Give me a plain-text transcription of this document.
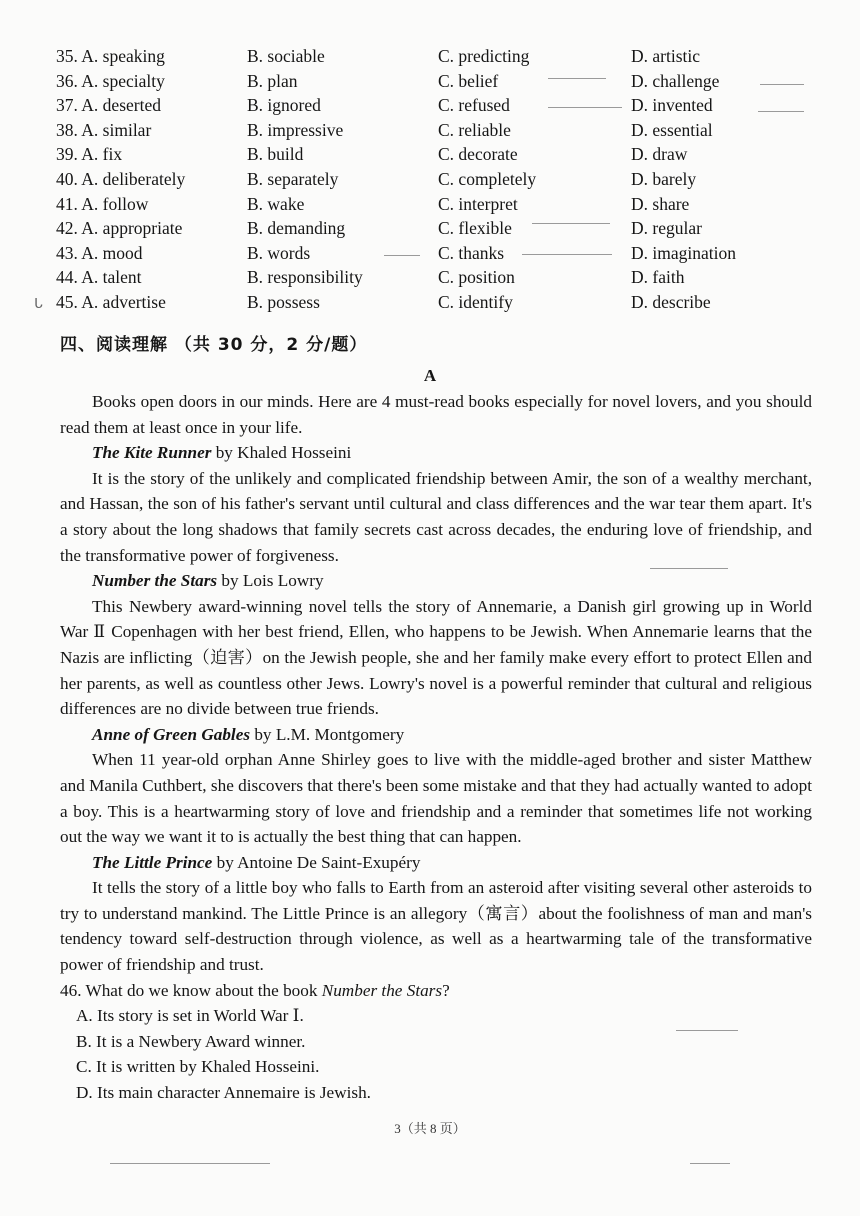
35. A. speaking	B. sociable	C. predicting	D. artistic
36. A. specialty	B. plan	C. belief	D. challenge
37. A. deserted	B. ignored	C. refused	D. invented
38. A. similar	B. impressive	C. reliable	D. essential
39. A. fix	B. build	C. decorate	D. draw
40. A. deliberately	B. separately	C. completely	D. barely
41. A. follow	B. wake	C. interpret	D. share
42. A. appropriate	B. demanding	C. flexible	D. regular
43. A. mood	B. words	C. thanks	D. imagination
44. A. talent	B. responsibility	C. position	D. faith
45. A. advertise	B. possess	C. identify	D. describe
ᒐ
四、阅读理解 （共 30 分，2 分/题）
A

Books open doors in our minds. Here are 4 must-read books especially for novel lovers, and you should read them at least once in your life.

The Kite Runner by Khaled Hosseini

It is the story of the unlikely and complicated friendship between Amir, the son of a wealthy merchant, and Hassan, the son of his father's servant until cultural and class differences and the war tear them apart. It's a story about the long shadows that family secrets cast across decades, the enduring love of friendship, and the transformative power of forgiveness.

Number the Stars by Lois Lowry

This Newbery award-winning novel tells the story of Annemarie, a Danish girl growing up in World War Ⅱ Copenhagen with her best friend, Ellen, who happens to be Jewish. When Annemarie learns that the Nazis are inflicting（迫害）on the Jewish people, she and her family make every effort to protect Ellen and her parents, as well as countless other Jews. Lowry's novel is a powerful reminder that cultural and religious differences are no divide between true friends.

Anne of Green Gables by L.M. Montgomery

When 11 year-old orphan Anne Shirley goes to live with the middle-aged brother and sister Matthew and Manila Cuthbert, she discovers that there's been some mistake and that they had actually wanted to adopt a boy. This is a heartwarming story of love and friendship and a reminder that sometimes life not working out the way we want it to is actually the best thing that can happen.

The Little Prince by Antoine De Saint-Exupéry

It tells the story of a little boy who falls to Earth from an asteroid after visiting several other asteroids to try to understand mankind. The Little Prince is an allegory（寓言）about the foolishness of man and man's tendency toward self-destruction through violence, as well as a heartwarming tale of the transformative power of friendship and trust.

46. What do we know about the book Number the Stars?

A. Its story is set in World War Ⅰ.

B. It is a Newbery Award winner.

C. It is written by Khaled Hosseini.

D. Its main character Annemaire is Jewish.

3（共 8 页）
